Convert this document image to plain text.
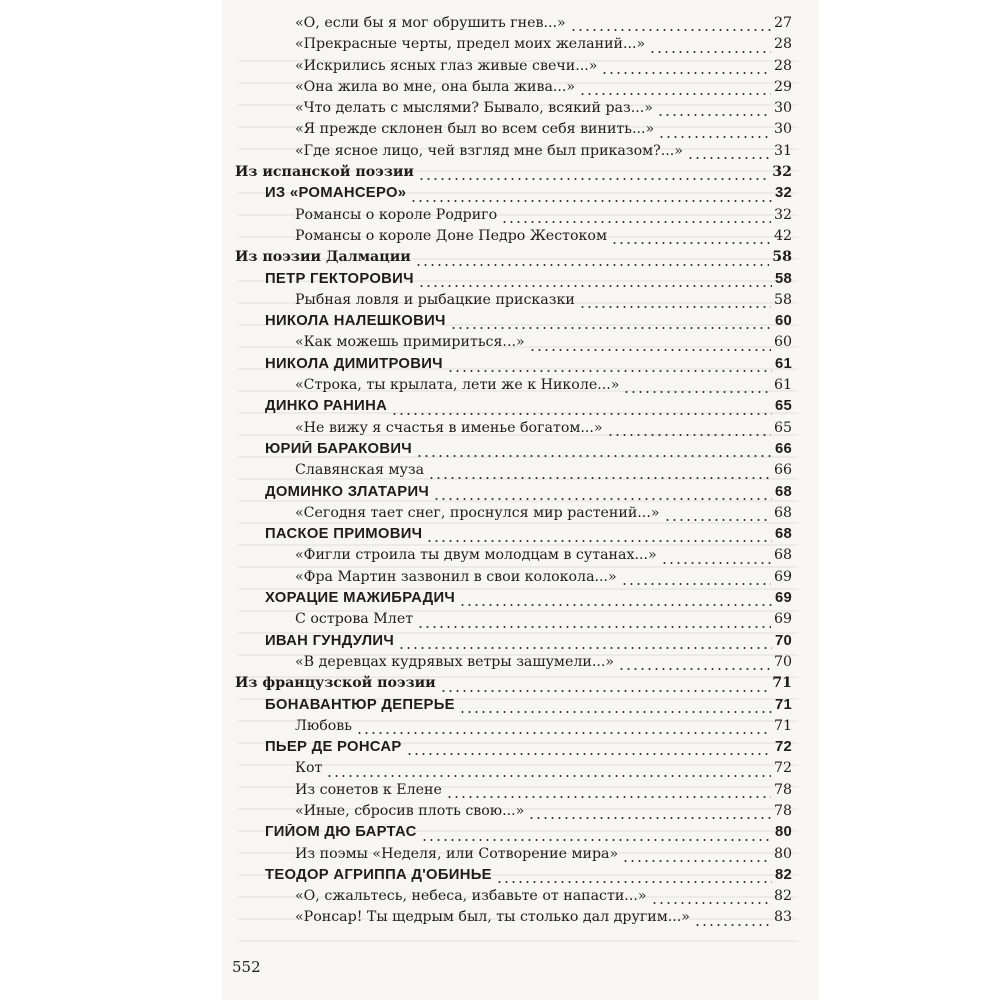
«О, если бы я мог обрушить гнев...»	27
«Прекрасные черты, предел моих желаний...»	28
«Искрились ясных глаз живые свечи...»	28
«Она жила во мне, она была жива...»	29
«Что делать с мыслями? Бывало, всякий раз...»	30
«Я прежде склонен был во всем себя винить...»	30
«Где ясное лицо, чей взгляд мне был приказом?...»	31
Из испанской поэзии	32
ИЗ «РОМАНСЕРО»	32
Романсы о короле Родриго	32
Романсы о короле Доне Педро Жестоком	42
Из поэзии Далмации	58
ПЕТР ГЕКТОРОВИЧ	58
Рыбная ловля и рыбацкие присказки	58
НИКОЛА НАЛЕШКОВИЧ	60
«Как можешь примириться...»	60
НИКОЛА ДИМИТРОВИЧ	61
«Строка, ты крылата, лети же к Николе...»	61
ДИНКО РАНИНА	65
«Не вижу я счастья в именье богатом...»	65
ЮРИЙ БАРАКОВИЧ	66
Славянская муза	66
ДОМИНКО ЗЛАТАРИЧ	68
«Сегодня тает снег, проснулся мир растений...»	68
ПАСКОЕ ПРИМОВИЧ	68
«Фигли строила ты двум молодцам в сутанах...»	68
«Фра Мартин зазвонил в свои колокола...»	69
ХОРАЦИЕ МАЖИБРАДИЧ	69
С острова Млет	69
ИВАН ГУНДУЛИЧ	70
«В деревцах кудрявых ветры зашумели...»	70
Из французской поэзии	71
БОНАВАНТЮР ДЕПЕРЬЕ	71
Любовь	71
ПЬЕР ДЕ РОНСАР	72
Кот	72
Из сонетов к Елене	78
«Иные, сбросив плоть свою...»	78
ГИЙОМ ДЮ БАРТАС	80
Из поэмы «Неделя, или Сотворение мира»	80
ТЕОДОР АГРИППА Д'ОБИНЬЕ	82
«О, сжальтесь, небеса, избавьте от напасти...»	82
«Ронсар! Ты щедрым был, ты столько дал другим...»	83
552
